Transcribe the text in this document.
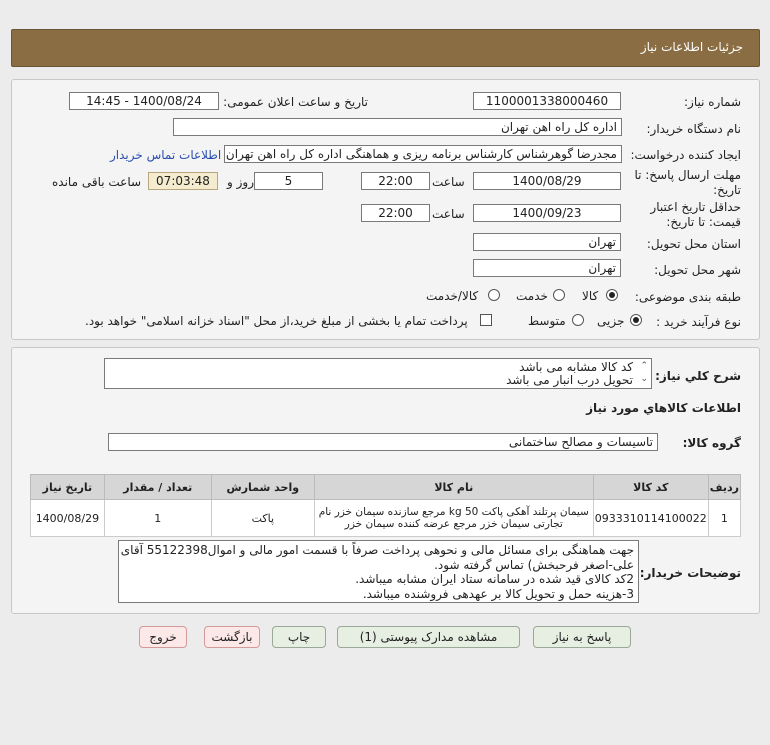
جزئیات اطلاعات نیاز
شماره نیاز:
1100001338000460
تاریخ و ساعت اعلان عمومی:
1400/08/24 - 14:45
نام دستگاه خریدار:
اداره کل راه اهن تهران
ایجاد کننده درخواست:
مجدرضا گوهرشناس کارشناس برنامه ریزی و هماهنگی اداره کل راه اهن تهران
اطلاعات تماس خریدار
مهلت ارسال پاسخ: تا
تاریخ:
1400/08/29
ساعت
22:00
5
روز و
07:03:48
ساعت باقی مانده
حداقل تاریخ اعتبار
قیمت: تا تاریخ:
1400/09/23
ساعت
22:00
استان محل تحویل:
تهران
شهر محل تحویل:
تهران
طبقه بندی موضوعی:
کالا
خدمت
کالا/خدمت
نوع فرآیند خرید :
جزیی
متوسط
پرداخت تمام یا بخشی از مبلغ خرید،از محل "اسناد خزانه اسلامی" خواهد بود.
شرح کلي نياز:
کد کالا مشابه می باشد
تحویل درب انبار می باشد
⌃
⌄
اطلاعات کالاهاي مورد نياز
گروه کالا:
تاسیسات و مصالح ساختمانی
ردیف	کد کالا	نام کالا	واحد شمارش	تعداد / مقدار	تاریخ نیاز
1	0933310114100022	سیمان پرتلند آهکی پاکت 50 kg مرجع سازنده سیمان خزر نام
تجارتی سیمان خزر مرجع عرضه کننده سیمان خزر	پاکت	1	1400/08/29
توضیحات خریدار:
جهت هماهنگی برای مسائل مالی و نحوهی پرداخت صرفاً با قسمت امور مالی و اموال55122398 آقای
علی-اصغر فرحبخش) تماس گرفته شود.
2کد کالای قید شده در سامانه ستاد ایران مشابه میباشد.
3-هزینه حمل و تحویل کالا بر عهدهی فروشنده میباشد.
پاسخ به نیاز
مشاهده مدارک پیوستی (1)
چاپ
بازگشت
خروج
